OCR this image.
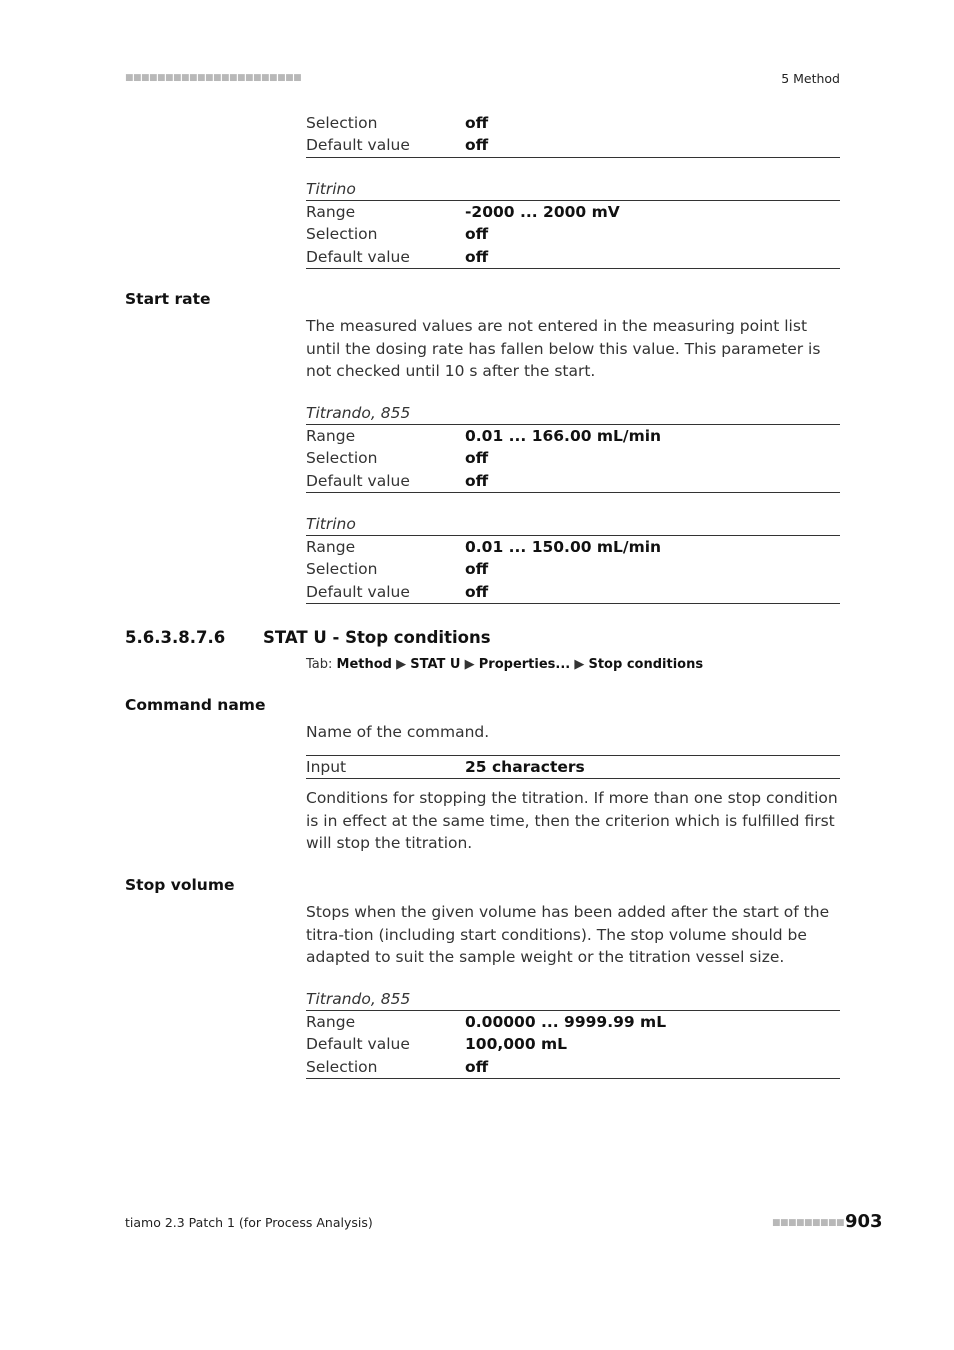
■■■■■■■■■■■■■■■■■■■■■■	5 Method
Selection	off
Default value	off
Titrino
Range	-2000 ... 2000 mV
Selection	off
Default value	off
Start rate
The measured values are not entered in the measuring point list until the dosing rate has fallen below this value. This parameter is not checked until 10 s after the start.
Titrando, 855
Range	0.01 ... 166.00 mL/min
Selection	off
Default value	off
Titrino
Range	0.01 ... 150.00 mL/min
Selection	off
Default value	off
5.6.3.8.7.6 STAT U - Stop conditions
Tab: Method ▶ STAT U ▶ Properties... ▶ Stop conditions
Command name
Name of the command.
Input	25 characters
Conditions for stopping the titration. If more than one stop condition is in effect at the same time, then the criterion which is fulfilled first will stop the titration.
Stop volume
Stops when the given volume has been added after the start of the titra-tion (including start conditions). The stop volume should be adapted to suit the sample weight or the titration vessel size.
Titrando, 855
Range	0.00000 ... 9999.99 mL
Default value	100,000 mL
Selection	off
tiamo 2.3 Patch 1 (for Process Analysis)	■■■■■■■■■ 903
